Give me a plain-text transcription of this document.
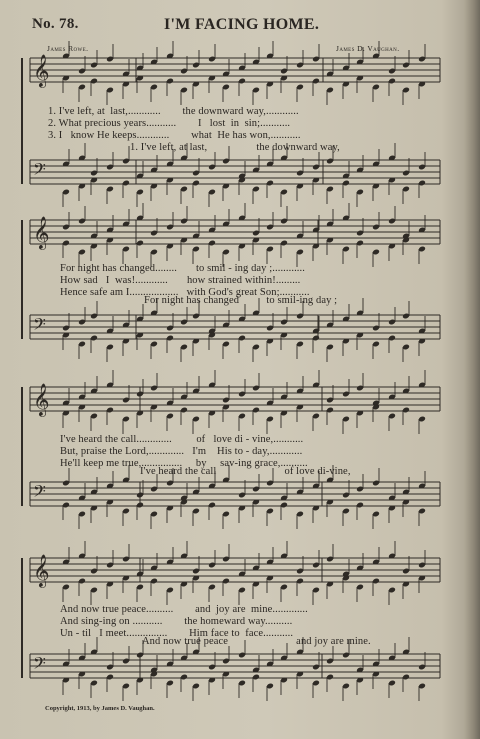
No. 78.	I'M FACING HOME.
James Rowe.	James D. Vaughan.
𝄞
𝄢
𝄞
𝄢
𝄞
𝄢
𝄞
𝄢
1. I've left, at  last,............        the downward way,............
2. What precious years...........        I   lost  in  sin;...........
3. I   know He keeps............        what  He has won,...........
1. I've left, at last,                  the downward way,
For night has changed........       to smil - ing day ;............
How sad   I  was!............       how strained within!.........
Hence safe am I..................   with God's great Son;...........
For night has changed          to smil-ing day ;
I've heard the call.............         of   love di - vine,...........
But, praise the Lord,.............   I'm    His to - day,............
He'll keep me true,...............     by     sav-ing grace,..........
I've heard the call                         of love di-vine,
And now true peace..........        and  joy are  mine.............
And sing-ing on ...........        the homeward way..........
Un - til   I meet...............        Him face to  face...........
And now true peace                         and joy are mine.
Copyright, 1913, by James D. Vaughan.
